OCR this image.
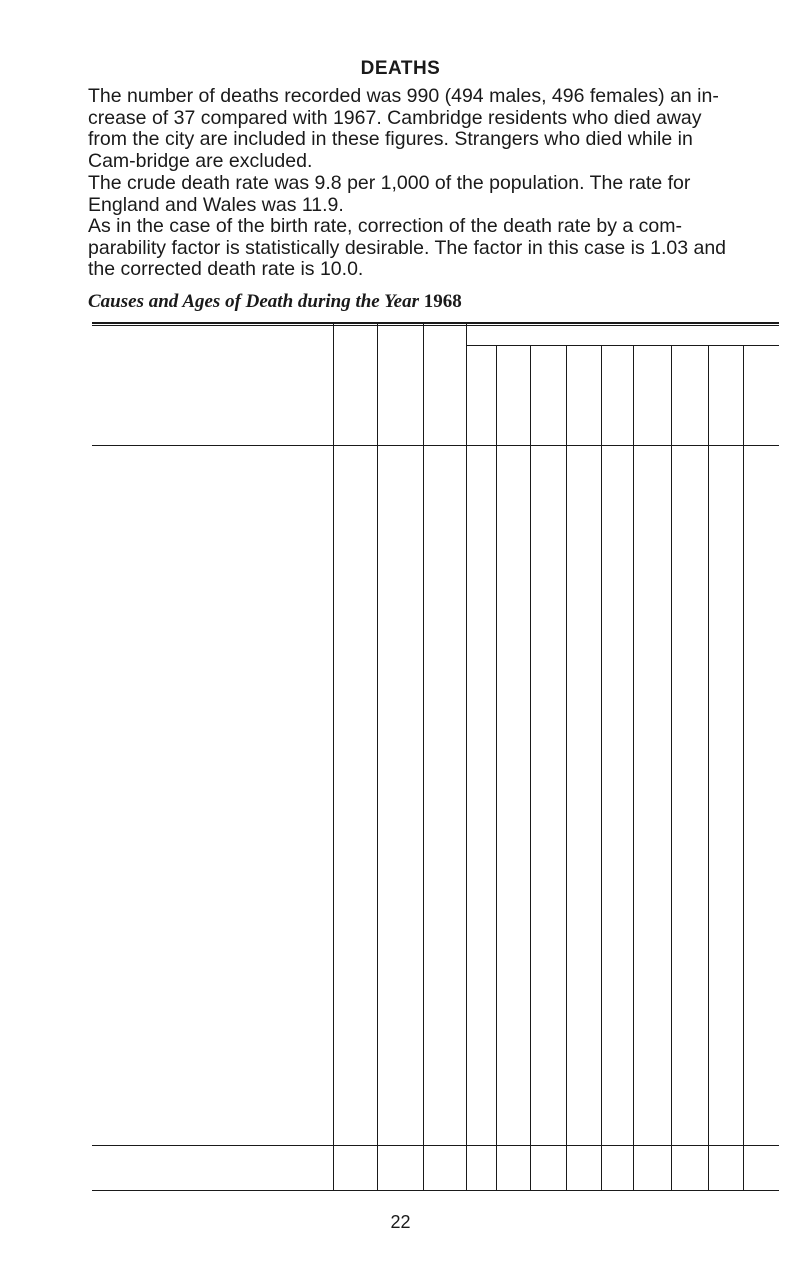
DEATHS
The number of deaths recorded was 990 (494 males, 496 females) an in-crease of 37 compared with 1967. Cambridge residents who died away from the city are included in these figures. Strangers who died while in Cam-bridge are excluded.
The crude death rate was 9.8 per 1,000 of the population. The rate for England and Wales was 11.9.
As in the case of the birth rate, correction of the death rate by a com-parability factor is statistically desirable. The factor in this case is 1.03 and the corrected death rate is 10.0.
Causes and Ages of Death during the Year 1968
22
